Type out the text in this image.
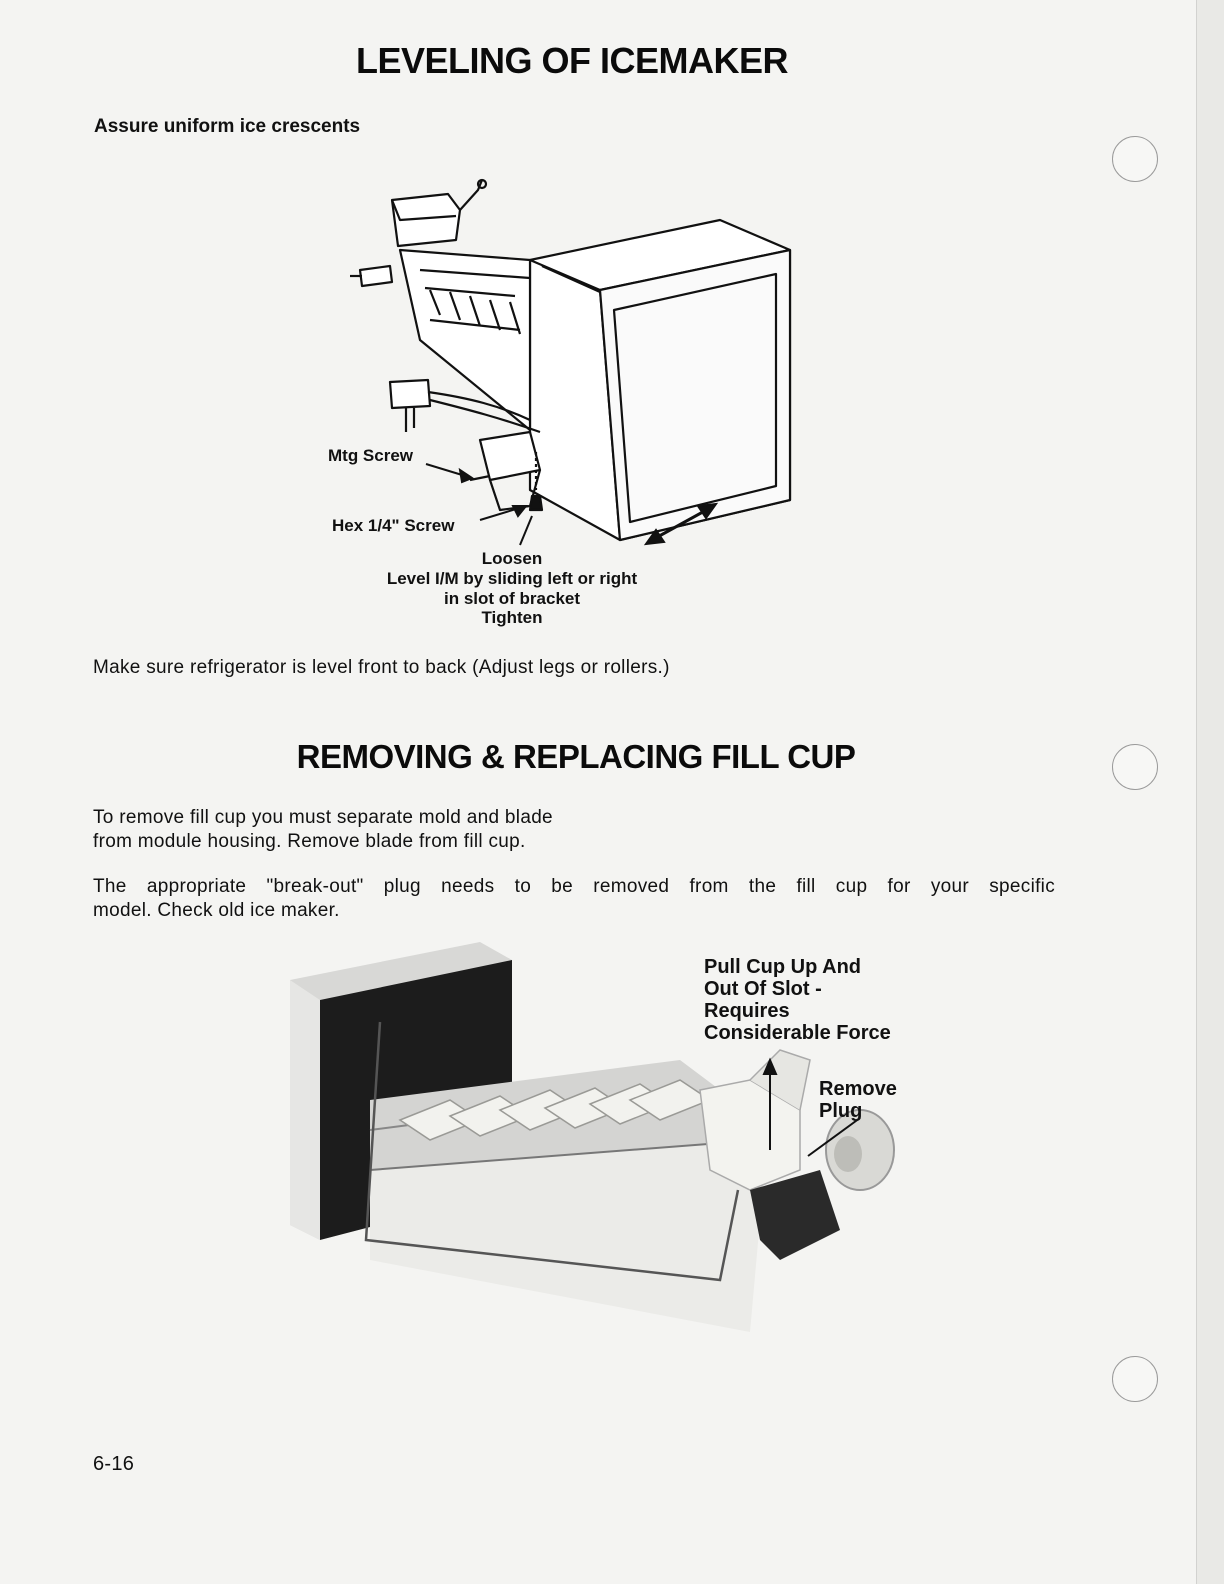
LEVELING OF ICEMAKER
Assure uniform ice crescents
Mtg Screw
Hex 1/4" Screw
Loosen
Level I/M by sliding left or right
in slot of bracket
Tighten
Make sure refrigerator is level front to back (Adjust legs or rollers.)
REMOVING & REPLACING FILL CUP
To remove fill cup you must separate mold and blade
from module housing. Remove blade from fill cup.
The appropriate "break-out" plug needs to be removed from the fill cup for your specific
model. Check old ice maker.
Pull Cup Up And
Out Of Slot -
Requires
Considerable Force
Remove
Plug
6-16
